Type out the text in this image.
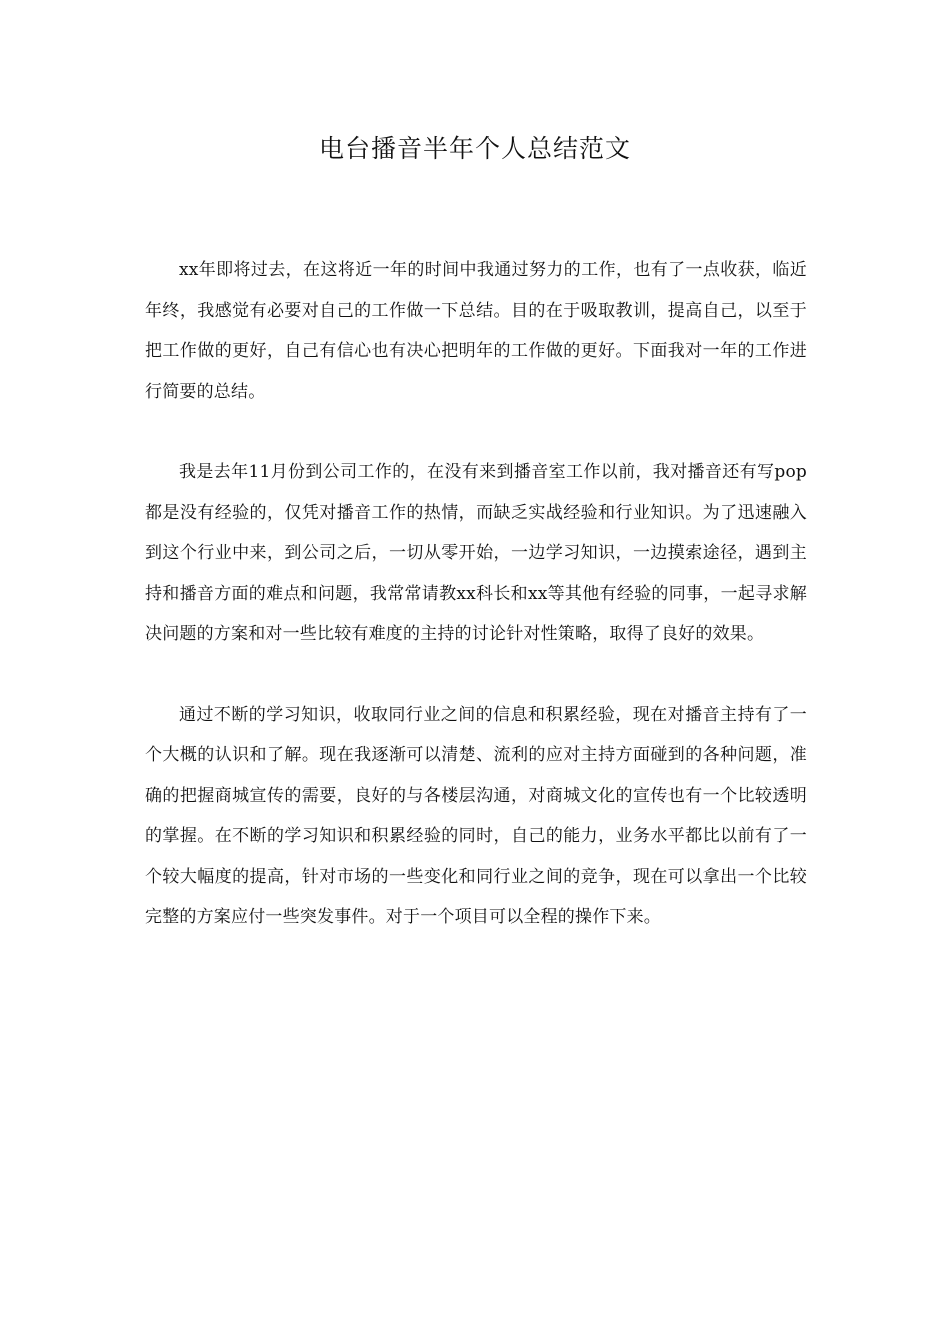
电台播音半年个人总结范文

xx年即将过去，在这将近一年的时间中我通过努力的工作，也有了一点收获，临近年终，我感觉有必要对自己的工作做一下总结。目的在于吸取教训，提高自己，以至于把工作做的更好，自己有信心也有决心把明年的工作做的更好。下面我对一年的工作进行简要的总结。

我是去年11月份到公司工作的，在没有来到播音室工作以前，我对播音还有写pop都是没有经验的，仅凭对播音工作的热情，而缺乏实战经验和行业知识。为了迅速融入到这个行业中来，到公司之后，一切从零开始，一边学习知识，一边摸索途径，遇到主持和播音方面的难点和问题，我常常请教xx科长和xx等其他有经验的同事，一起寻求解决问题的方案和对一些比较有难度的主持的讨论针对性策略，取得了良好的效果。

通过不断的学习知识，收取同行业之间的信息和积累经验，现在对播音主持有了一个大概的认识和了解。现在我逐渐可以清楚、流利的应对主持方面碰到的各种问题，准确的把握商城宣传的需要，良好的与各楼层沟通，对商城文化的宣传也有一个比较透明的掌握。在不断的学习知识和积累经验的同时，自己的能力，业务水平都比以前有了一个较大幅度的提高，针对市场的一些变化和同行业之间的竞争，现在可以拿出一个比较完整的方案应付一些突发事件。对于一个项目可以全程的操作下来。
